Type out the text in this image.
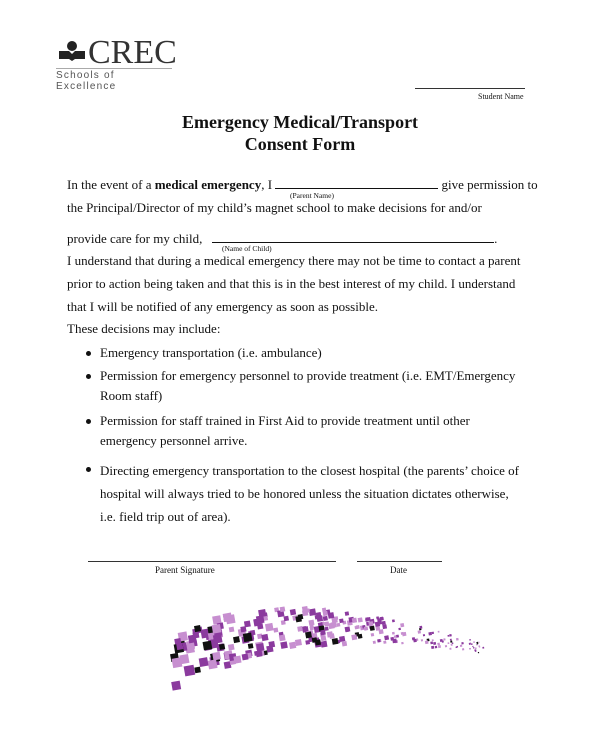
CREC
Schools of Excellence
Student Name
Emergency Medical/Transport
Consent Form
In the event of a medical emergency, I	give permission to
(Parent Name)
the Principal/Director of my child’s magnet school to make decisions for and/or
provide care for my child,	.
(Name of Child)
I understand that during a medical emergency there may not be time to contact a parent
prior to action being taken and that this is in the best interest of my child. I understand
that I will be notified of any emergency as soon as possible.
These decisions may include:
Emergency transportation (i.e. ambulance)
Permission for emergency personnel to provide treatment (i.e. EMT/Emergency
Room staff)
Permission for staff trained in First Aid to provide treatment until other
emergency personnel arrive.
Directing emergency transportation to the closest hospital (the parents’ choice of
hospital will always tried to be honored unless the situation dictates otherwise,
i.e. field trip out of area).
Parent Signature	Date
